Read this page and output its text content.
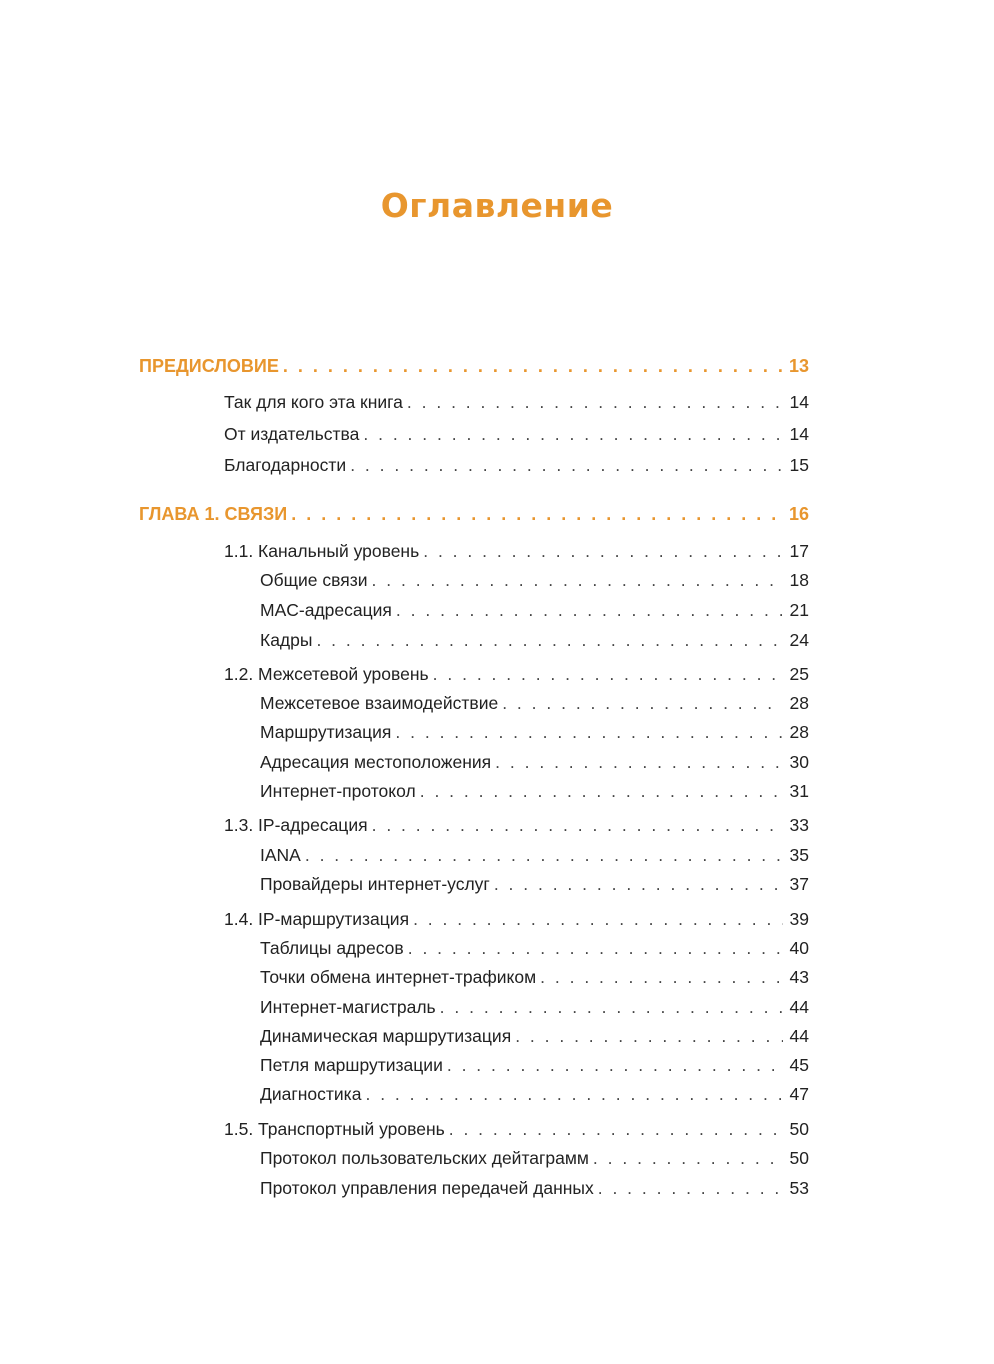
Оглавление
ПРЕДИСЛОВИЕ . . .	13
Так для кого эта книга . . .	14
От издательства . . .	14
Благодарности . . .	15
ГЛАВА 1. СВЯЗИ . . .	16
1.1. Канальный уровень . . .	17
Общие связи . . .	18
MAC-адресация . . .	21
Кадры . . .	24
1.2. Межсетевой уровень . . .	25
Межсетевое взаимодействие . . .	28
Маршрутизация . . .	28
Адресация местоположения . . .	30
Интернет-протокол . . .	31
1.3. IP-адресация . . .	33
IANA . . .	35
Провайдеры интернет-услуг . . .	37
1.4. IP-маршрутизация . . .	39
Таблицы адресов . . .	40
Точки обмена интернет-трафиком . . .	43
Интернет-магистраль . . .	44
Динамическая маршрутизация . . .	44
Петля маршрутизации . . .	45
Диагностика . . .	47
1.5. Транспортный уровень . . .	50
Протокол пользовательских дейтаграмм . . .	50
Протокол управления передачей данных . . .	53
